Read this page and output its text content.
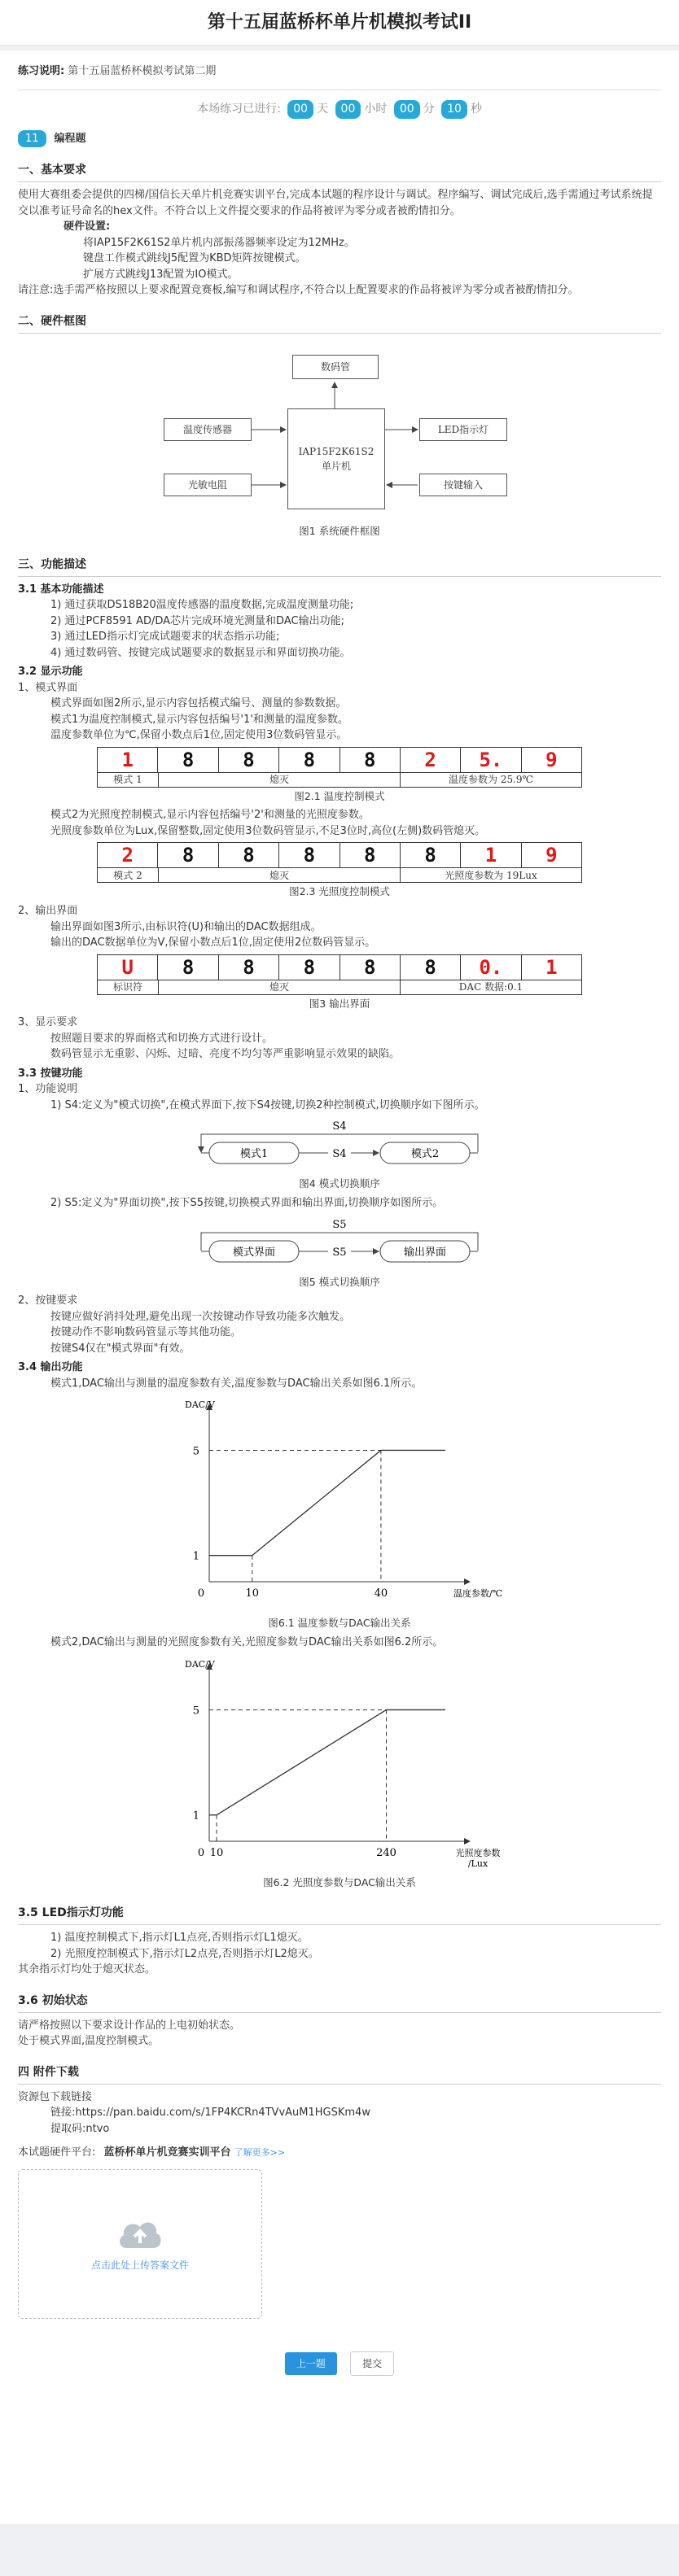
第十五届蓝桥杯单片机模拟考试II
练习说明: 第十五届蓝桥杯模拟考试第二期
本场练习已进行: 00 天 00 小时 00 分 10 秒
11	编程题
一、基本要求
使用大赛组委会提供的四梯/国信长天单片机竞赛实训平台,完成本试题的程序设计与调试。程序编写、调试完成后,选手需通过考试系统提交以准考证号命名的hex文件。不符合以上文件提交要求的作品将被评为零分或者被酌情扣分。
硬件设置:
将IAP15F2K61S2单片机内部振荡器频率设定为12MHz。
键盘工作模式跳线J5配置为KBD矩阵按键模式。
扩展方式跳线J13配置为IO模式。
请注意:选手需严格按照以上要求配置竞赛板,编写和调试程序,不符合以上配置要求的作品将被评为零分或者被酌情扣分。
二、硬件框图
数码管
温度传感器
光敏电阻
IAP15F2K61S2
单片机
LED指示灯
按键输入
图1 系统硬件框图
三、功能描述
3.1 基本功能描述
1) 通过获取DS18B20温度传感器的温度数据,完成温度测量功能;
2) 通过PCF8591 AD/DA芯片完成环境光测量和DAC输出功能;
3) 通过LED指示灯完成试题要求的状态指示功能;
4) 通过数码管、按键完成试题要求的数据显示和界面切换功能。
3.2 显示功能
1、模式界面
模式界面如图2所示,显示内容包括模式编号、测量的参数数据。
模式1为温度控制模式,显示内容包括编号'1'和测量的温度参数。
温度参数单位为℃,保留小数点后1位,固定使用3位数码管显示。
1	8	8	8	8	2	5.	9
模式 1	熄灭	温度参数为 25.9℃
图2.1 温度控制模式
模式2为光照度控制模式,显示内容包括编号'2'和测量的光照度参数。
光照度参数单位为Lux,保留整数,固定使用3位数码管显示,不足3位时,高位(左侧)数码管熄灭。
2	8	8	8	8	8	1	9
模式 2	熄灭	光照度参数为 19Lux
图2.3 光照度控制模式
2、输出界面
输出界面如图3所示,由标识符(U)和输出的DAC数据组成。
输出的DAC数据单位为V,保留小数点后1位,固定使用2位数码管显示。
U	8	8	8	8	8	0.	1
标识符	熄灭	DAC 数据:0.1
图3 输出界面
3、显示要求
按照题目要求的界面格式和切换方式进行设计。
数码管显示无重影、闪烁、过暗、亮度不均匀等严重影响显示效果的缺陷。
3.3 按键功能
1、功能说明
1) S4:定义为"模式切换",在模式界面下,按下S4按键,切换2种控制模式,切换顺序如下图所示。
模式1	模式2
S4
S4
图4 模式切换顺序
2) S5:定义为"界面切换",按下S5按键,切换模式界面和输出界面,切换顺序如图所示。
模式界面	输出界面
S5
S5
图5 模式切换顺序
2、按键要求
按键应做好消抖处理,避免出现一次按键动作导致功能多次触发。
按键动作不影响数码管显示等其他功能。
按键S4仅在"模式界面"有效。
3.4 输出功能
模式1,DAC输出与测量的温度参数有关,温度参数与DAC输出关系如图6.1所示。
0	10	40
1
5
DAC/V
温度参数/℃
图6.1 温度参数与DAC输出关系
模式2,DAC输出与测量的光照度参数有关,光照度参数与DAC输出关系如图6.2所示。
0 10	240
1
5
DAC/V
光照度参数
/Lux
图6.2 光照度参数与DAC输出关系
3.5 LED指示灯功能
1) 温度控制模式下,指示灯L1点亮,否则指示灯L1熄灭。
2) 光照度控制模式下,指示灯L2点亮,否则指示灯L2熄灭。
其余指示灯均处于熄灭状态。
3.6 初始状态
请严格按照以下要求设计作品的上电初始状态。
处于模式界面,温度控制模式。
四 附件下载
资源包下载链接
链接:https://pan.baidu.com/s/1FP4KCRn4TVvAuM1HGSKm4w
提取码:ntvo
本试题硬件平台: 蓝桥杯单片机竞赛实训平台 了解更多>>
点击此处上传答案文件
上一题	提交
